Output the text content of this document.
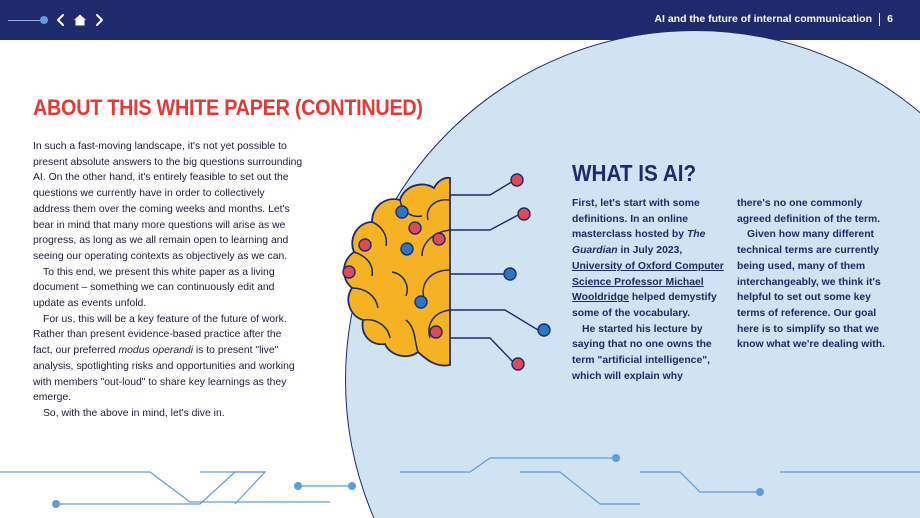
AI and the future of internal communication 6
ABOUT THIS WHITE PAPER (CONTINUED)

In such a fast-moving landscape, it's not yet possible to present absolute answers to the big questions surrounding AI. On the other hand, it's entirely feasible to set out the questions we currently have in order to collectively address them over the coming weeks and months. Let's bear in mind that many more questions will arise as we progress, as long as we all remain open to learning and seeing our operating contexts as objectively as we can.

To this end, we present this white paper as a living document – something we can continuously edit and update as events unfold.

For us, this will be a key feature of the future of work. Rather than present evidence-based practice after the fact, our preferred modus operandi is to present "live" analysis, spotlighting risks and opportunities and working with members "out-loud" to share key learnings as they emerge.

So, with the above in mind, let's dive in.

WHAT IS AI?

First, let's start with some definitions. In an online masterclass hosted by The Guardian in July 2023, University of Oxford Computer Science Professor Michael Wooldridge helped demystify some of the vocabulary.

He started his lecture by saying that no one owns the term "artificial intelligence", which will explain why

there's no one commonly agreed definition of the term.

Given how many different technical terms are currently being used, many of them interchangeably, we think it's helpful to set out some key terms of reference. Our goal here is to simplify so that we know what we're dealing with.
